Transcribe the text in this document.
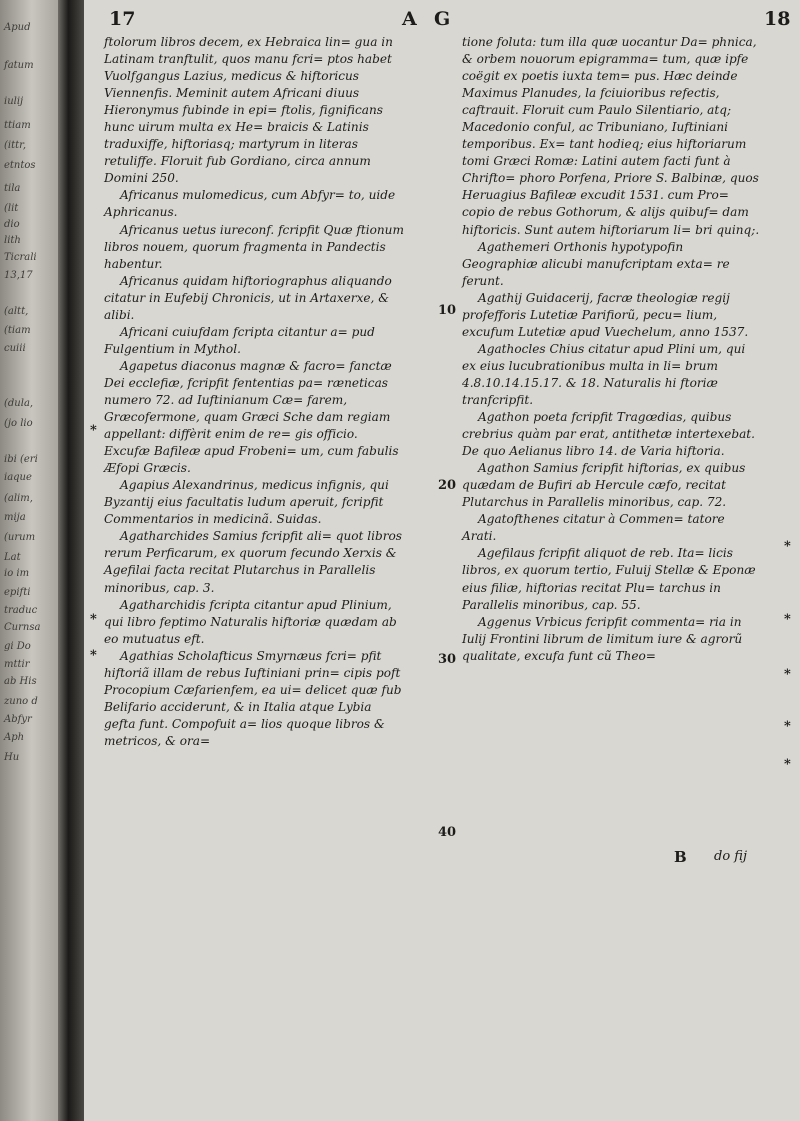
Apud
fatum
iulij
ttiam
(ittr,
etntos
tila
(lit
dio
lith
Ticrali
13,17
(altt,
(tiam
cuiii
(dula,
(jo lio
ibi (eri
iaque
(alim,
mija
(urum
Lat
io im
epifti
traduc
Curnsa
gi Do
mttir
ab His
zuno d
Abfyr
Aph
Hu
17	A G	18

ftolorum libros decem, ex Hebraica lin= gua in Latinam tranftulit, quos manu fcri= ptos habet Vuolfgangus Lazius, medicus & hiftoricus Viennenfis. Meminit autem Africani diuus Hieronymus fubinde in epi= ftolis, fignificans hunc uirum multa ex He= braicis & Latinis traduxiffe, hiftoriasq; martyrum in literas retuliffe. Floruit fub Gordiano, circa annum Domini 250.

Africanus mulomedicus, cum Abfyr= to, uide Aphricanus.

Africanus uetus iureconf. fcripfit Quæ ftionum libros nouem, quorum fragmenta in Pandectis habentur.

Africanus quidam hiftoriographus aliquando citatur in Eufebij Chronicis, ut in Artaxerxe, & alibi.

Africani cuiufdam fcripta citantur a= pud Fulgentium in Mythol.

Agapetus diaconus magnæ & facro= fanctæ Dei ecclefiæ, fcripfit fententias pa= ræneticas numero 72. ad Iuftinianum Cæ= farem, Græcofermone, quam Græci Sche dam regiam appellant: diffèrit enim de re= gis officio. Excufæ Bafileæ apud Frobeni= um, cum fabulis Æfopi Græcis.

Agapius Alexandrinus, medicus infignis, qui Byzantij eius facultatis ludum aperuit, fcripfit Commentarios in medicinã. Suidas.

Agatharchides Samius fcripfit ali= quot libros rerum Perficarum, ex quorum fecundo Xerxis & Agefilai facta recitat Plutarchus in Parallelis minoribus, cap. 3.

Agatharchidis fcripta citantur apud Plinium, qui libro feptimo Naturalis hiftoriæ quædam ab eo mutuatus eft.

Agathias Scholafticus Smyrnæus fcri= pfit hiftoriã illam de rebus Iuftiniani prin= cipis poft Procopium Cæfarienfem, ea ui= delicet quæ fub Belifario acciderunt, & in Italia atque Lybia gefta funt. Compofuit a= lios quoque libros & metricos, & ora=

10
20
30
40

tione foluta: tum illa quæ uocantur Da= phnica, & orbem nouorum epigramma= tum, quæ ipfe coëgit ex poetis iuxta tem= pus. Hæc deinde Maximus Planudes, la fciuioribus refectis, caftrauit. Floruit cum Paulo Silentiario, atq; Macedonio conful, ac Tribuniano, Iuftiniani temporibus. Ex= tant hodieq; eius hiftoriarum tomi Græci Romæ: Latini autem facti funt à Chrifto= phoro Porfena, Priore S. Balbinæ, quos Heruagius Bafileæ excudit 1531. cum Pro= copio de rebus Gothorum, & alijs quibuf= dam hiftoricis. Sunt autem hiftoriarum li= bri quinq;.

Agathemeri Orthonis hypotypofin Geographiæ alicubi manufcriptam exta= re ferunt.

Agathij Guidacerij, facræ theologiæ regij profefforis Lutetiæ Parifiorũ, pecu= lium, excufum Lutetiæ apud Vuechelum, anno 1537.

Agathocles Chius citatur apud Plini um, qui ex eius lucubrationibus multa in li= brum 4.8.10.14.15.17. & 18. Naturalis hi ftoriæ tranfcripfit.

Agathon poeta fcripfit Tragœdias, quibus crebrius quàm par erat, antithetæ intertexebat. De quo Aelianus libro 14. de Varia hiftoria.

Agathon Samius fcripfit hiftorias, ex quibus quædam de Bufiri ab Hercule cæfo, recitat Plutarchus in Parallelis minoribus, cap. 72.

Agatofthenes citatur à Commen= tatore Arati.

Agefilaus fcripfit aliquot de reb. Ita= licis libros, ex quorum tertio, Fuluij Stellæ & Eponæ eius filiæ, hiftorias recitat Plu= tarchus in Parallelis minoribus, cap. 55.

Aggenus Vrbicus fcripfit commenta= ria in Iulij Frontini librum de limitum iure & agrorũ qualitate, excufa funt cũ Theo=

*
*
*
*
*
*
*
*
B do fij
